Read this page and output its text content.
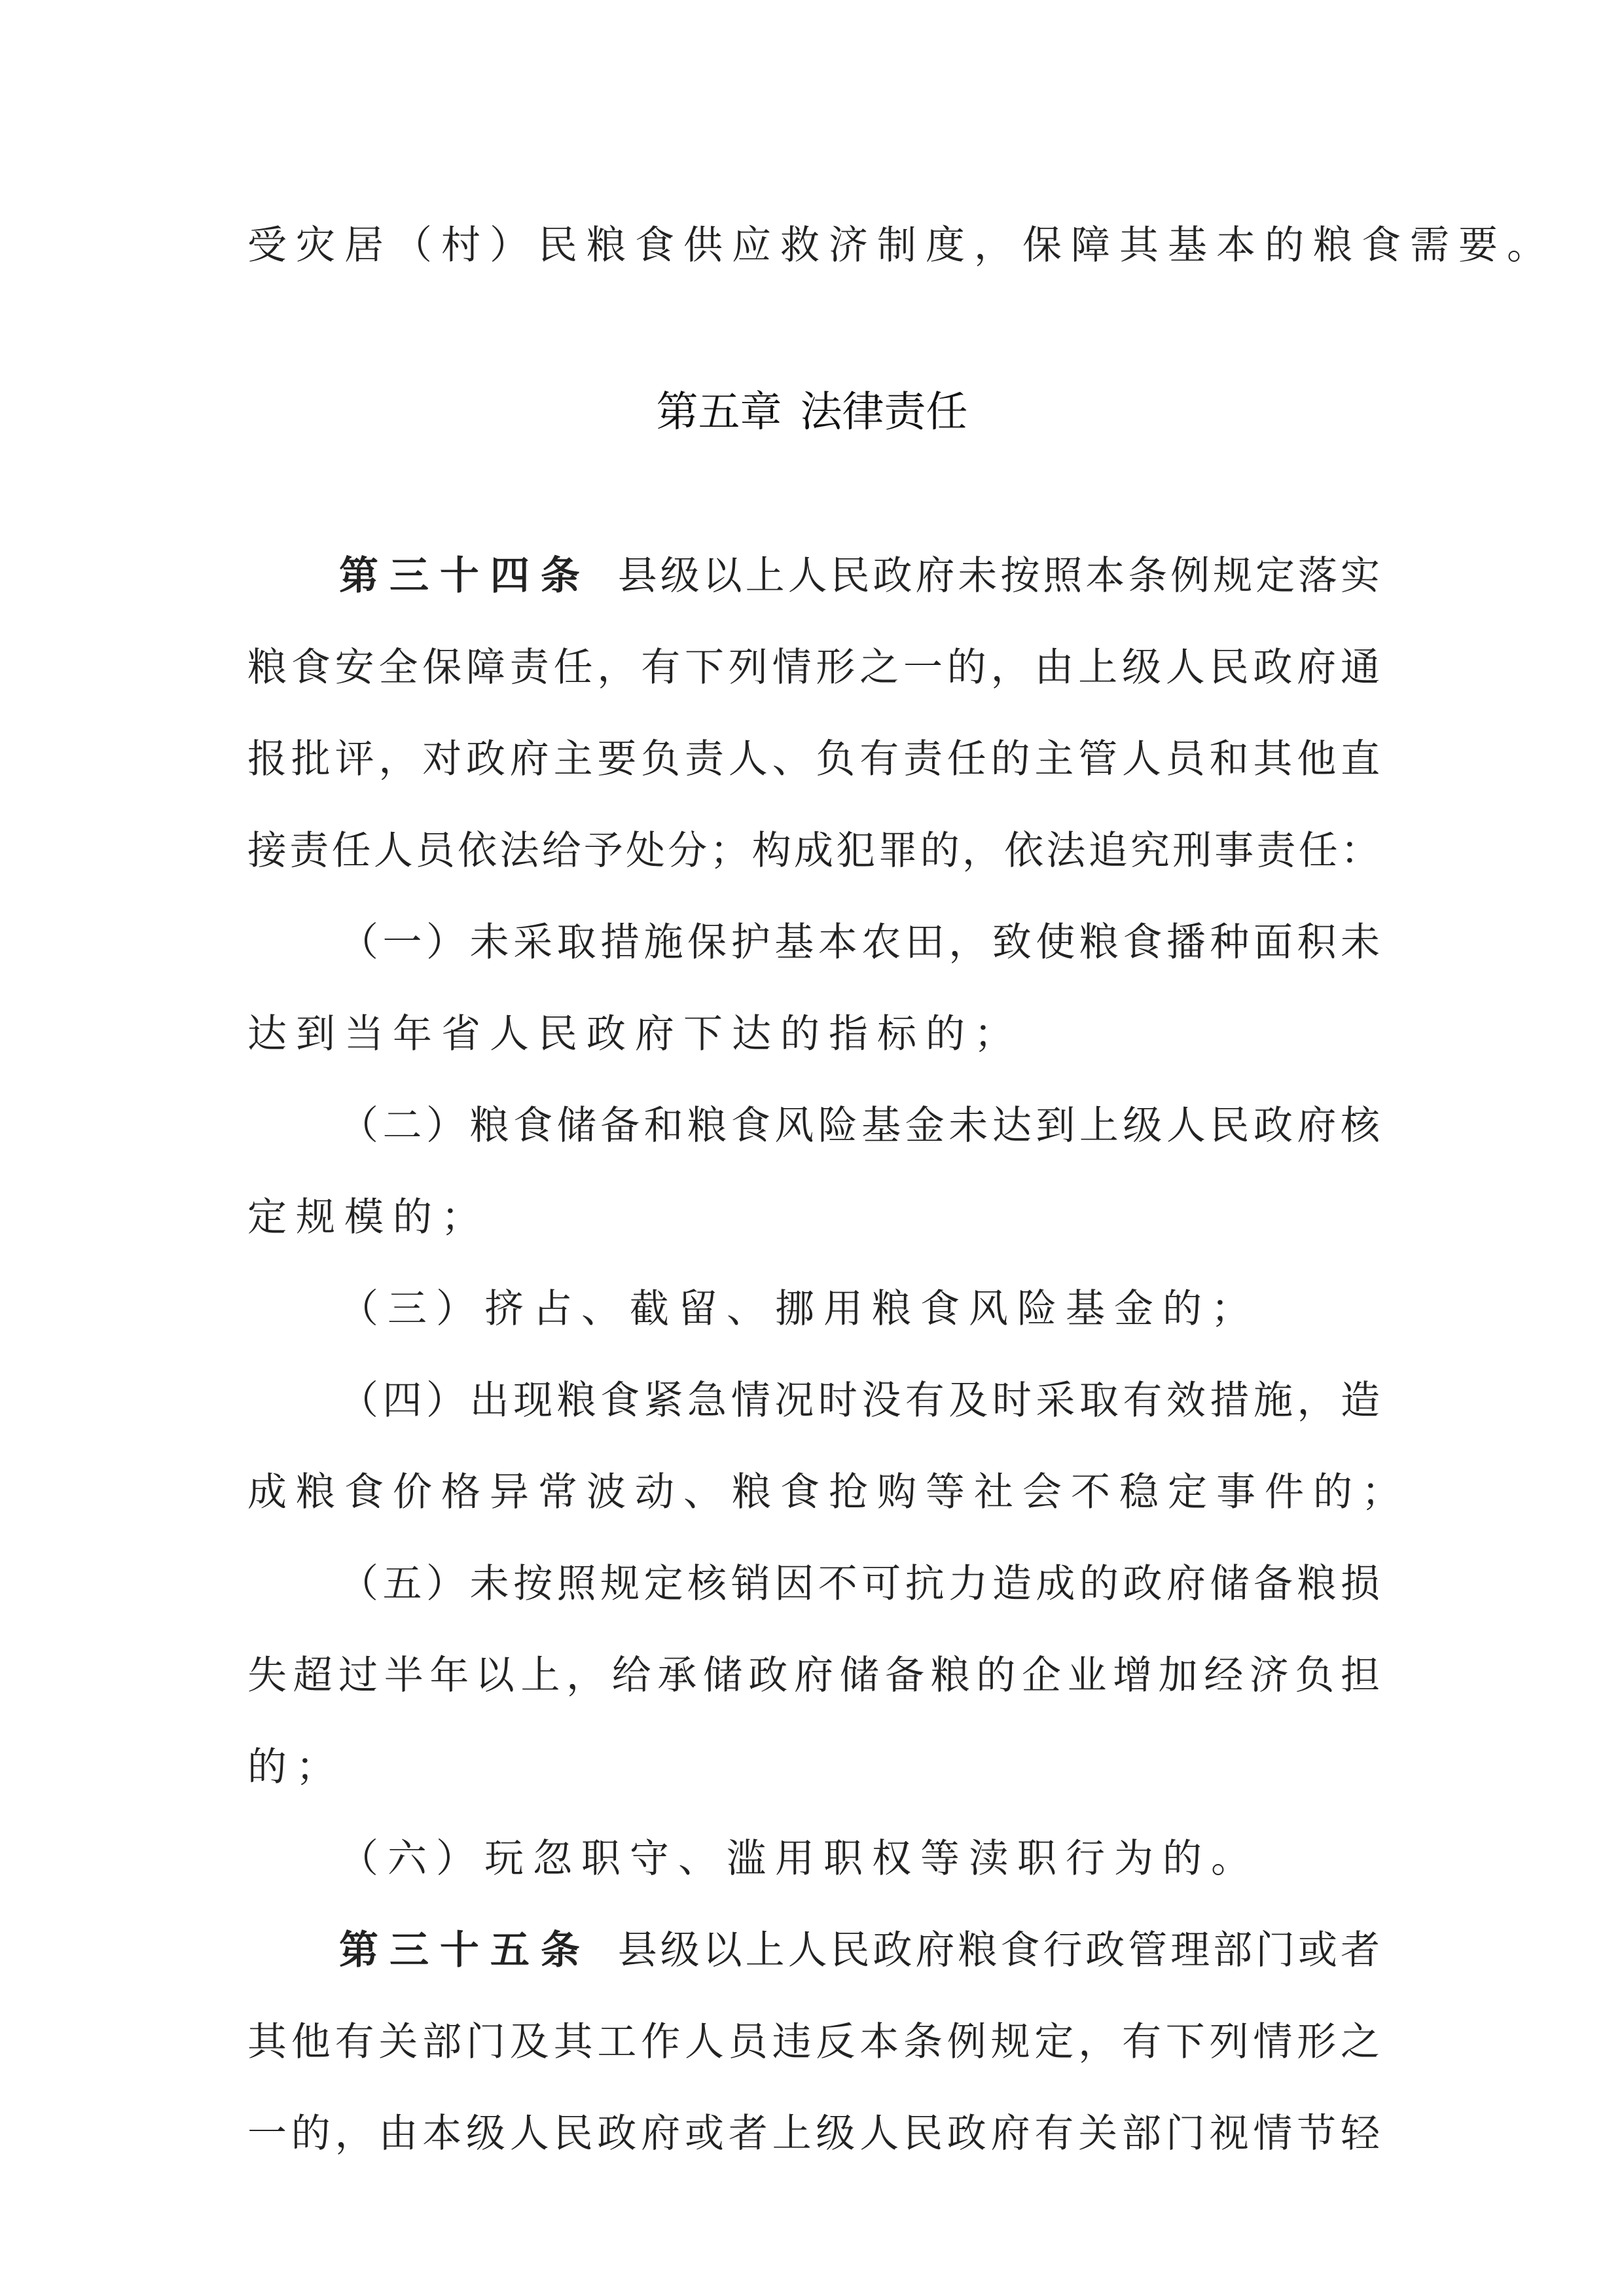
受灾居（村）民粮食供应救济制度，保障其基本的粮食需要。
第五章 法律责任
第三十四条 县级以上人民政府未按照本条例规定落实
粮食安全保障责任，有下列情形之一的，由上级人民政府通
报批评，对政府主要负责人、负有责任的主管人员和其他直
接责任人员依法给予处分；构成犯罪的，依法追究刑事责任：
（一）未采取措施保护基本农田，致使粮食播种面积未
达到当年省人民政府下达的指标的；
（二）粮食储备和粮食风险基金未达到上级人民政府核
定规模的；
（三）挤占、截留、挪用粮食风险基金的；
（四）出现粮食紧急情况时没有及时采取有效措施，造
成粮食价格异常波动、粮食抢购等社会不稳定事件的；
（五）未按照规定核销因不可抗力造成的政府储备粮损
失超过半年以上，给承储政府储备粮的企业增加经济负担
的；
（六）玩忽职守、滥用职权等渎职行为的。
第三十五条 县级以上人民政府粮食行政管理部门或者
其他有关部门及其工作人员违反本条例规定，有下列情形之
一的，由本级人民政府或者上级人民政府有关部门视情节轻
